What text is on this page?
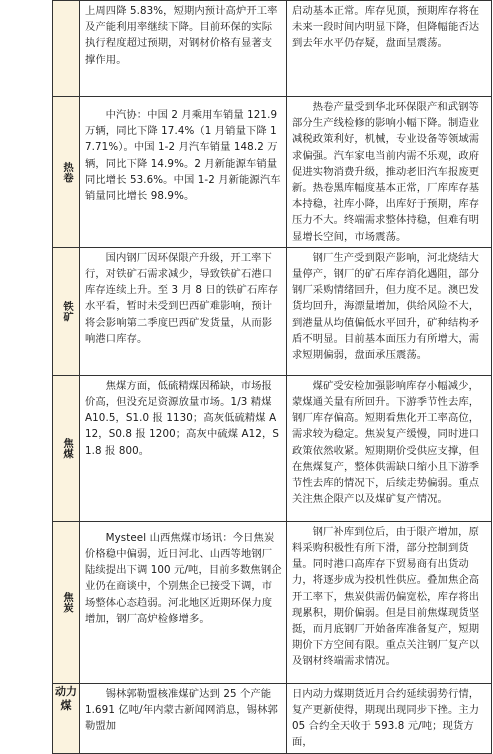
	上周四降 5.83%，短期内预计高炉开工率及产能利用率继续下降。目前环保的实际执行程度超过预期，对钢材价格有显著支撑作用。	启动基本正常。库存见顶，预期库存将在未来一段时间内明显下降，但降幅能否达到去年水平仍存疑，盘面呈震荡。
热卷	中汽协：中国 2 月乘用车销量 121.9 万辆，同比下降 17.4%（1 月销量下降 17.71%）。中国 1-2 月汽车销量 148.2 万辆，同比下降 14.9%。2 月新能源车销量同比增长 53.6%。中国 1-2 月新能源汽车销量同比增长 98.9%。	热卷产量受到华北环保限产和武钢等部分生产线检修的影响小幅下降。制造业减税政策利好，机械，专业设备等领域需求偏强。汽车家电当前内需不乐观，政府促进实物消费升级，推动老旧汽车报废更新。热卷黑库幅度基本正常，厂库库存基本持稳，社库小降，出库好于预期，库存压力不大。终端需求整体持稳，但难有明显增长空间，市场震荡。

铁矿	国内钢厂因环保限产升级，开工率下行，对铁矿石需求减少，导致铁矿石港口库存连续上升。至 3 月 8 日的铁矿石库存水平看，暂时未受到巴西矿难影响，预计将会影响第二季度巴西矿发货量，从而影响港口库存。	钢厂生产受到限产影响，河北烧结大量停产，钢厂的矿石库存消化遇阻，部分钢厂采购情绪回升，但力度不足。澳巴发货均回升，海漂量增加，供给风险不大，到港量从均值偏低水平回升，矿种结构矛盾不明显。目前基本面压力有所增大，需求短期偏弱，盘面承压震荡。

焦煤	焦煤方面，低硫精煤因稀缺，市场报价高，但没充足资源放量市场。1/3 精煤 A10.5，S1.0 报 1130；高灰低硫精煤 A12，S0.8 报 1200；高灰中硫煤 A12，S1.8 报 800。	煤矿受安检加强影响库存小幅减少，蒙煤通关量有所回升。下游季节性去库，钢厂库存偏高。短期看焦化开工率高位，需求较为稳定。焦炭复产缓慢，同时进口政策依然收紧。短期期价受供应支撑，但在焦煤复产，整体供需缺口缩小且下游季节性去库的情况下，后续走势偏弱。重点关注焦企限产以及煤矿复产情况。

焦炭	Mysteel 山西焦煤市场讯：今日焦炭价格稳中偏弱，近日河北、山西等地钢厂陆续提出下调 100 元/吨，目前多数焦钢企业仍在商谈中，个别焦企已接受下调，市场整体心态趋弱。河北地区近期环保力度增加，钢厂高炉检修增多。	钢厂补库到位后，由于限产增加，原料采购积极性有所下滑，部分控制到货量。同时港口高库存下贸易商有出货动力，将逐步成为投机性供应。叠加焦企高开工率下，焦炭供需仍偏宽松，库存将出现累积，期价偏弱。但是目前焦煤现货坚挺，而月底钢厂开始备库准备复产，短期期价下方空间有限。重点关注钢厂复产以及钢材终端需求情况。

动力煤	锡林郭勒盟核准煤矿达到 25 个产能 1.691 亿吨/年内蒙古新闻网消息，锡林郭勒盟加	日内动力煤期货近月合约延续弱势行情，复产更新使得，期现出现同步下挫。主力 05 合约全天收于 593.8 元/吨；现货方面，
